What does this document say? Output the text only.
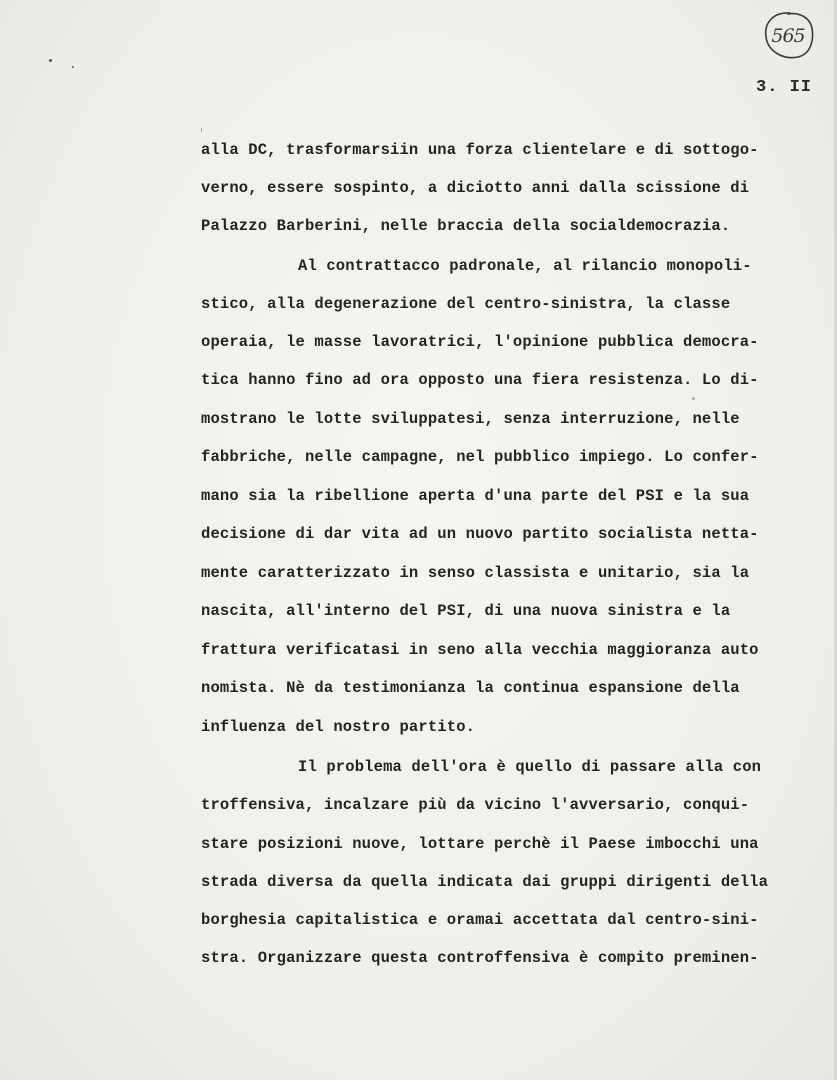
565
3. II
alla DC, trasformarsiin una forza clientelare e di sottogo-
verno, essere sospinto, a diciotto anni dalla scissione di
Palazzo Barberini, nelle braccia della socialdemocrazia.
Al contrattacco padronale, al rilancio monopoli-
stico, alla degenerazione del centro-sinistra, la classe
operaia, le masse lavoratrici, l'opinione pubblica democra-
tica hanno fino ad ora opposto una fiera resistenza. Lo di-
mostrano le lotte sviluppatesi, senza interruzione, nelle
fabbriche, nelle campagne, nel pubblico impiego. Lo confer-
mano sia la ribellione aperta d'una parte del PSI e la sua
decisione di dar vita ad un nuovo partito socialista netta-
mente caratterizzato in senso classista e unitario, sia la
nascita, all'interno del PSI, di una nuova sinistra e la
frattura verificatasi in seno alla vecchia maggioranza auto
nomista. Nè da testimonianza la continua espansione della
influenza del nostro partito.
Il problema dell'ora è quello di passare alla con
troffensiva, incalzare più da vicino l'avversario, conqui-
stare posizioni nuove, lottare perchè il Paese imbocchi una
strada diversa da quella indicata dai gruppi dirigenti della
borghesia capitalistica e oramai accettata dal centro-sini-
stra. Organizzare questa controffensiva è compito preminen-
